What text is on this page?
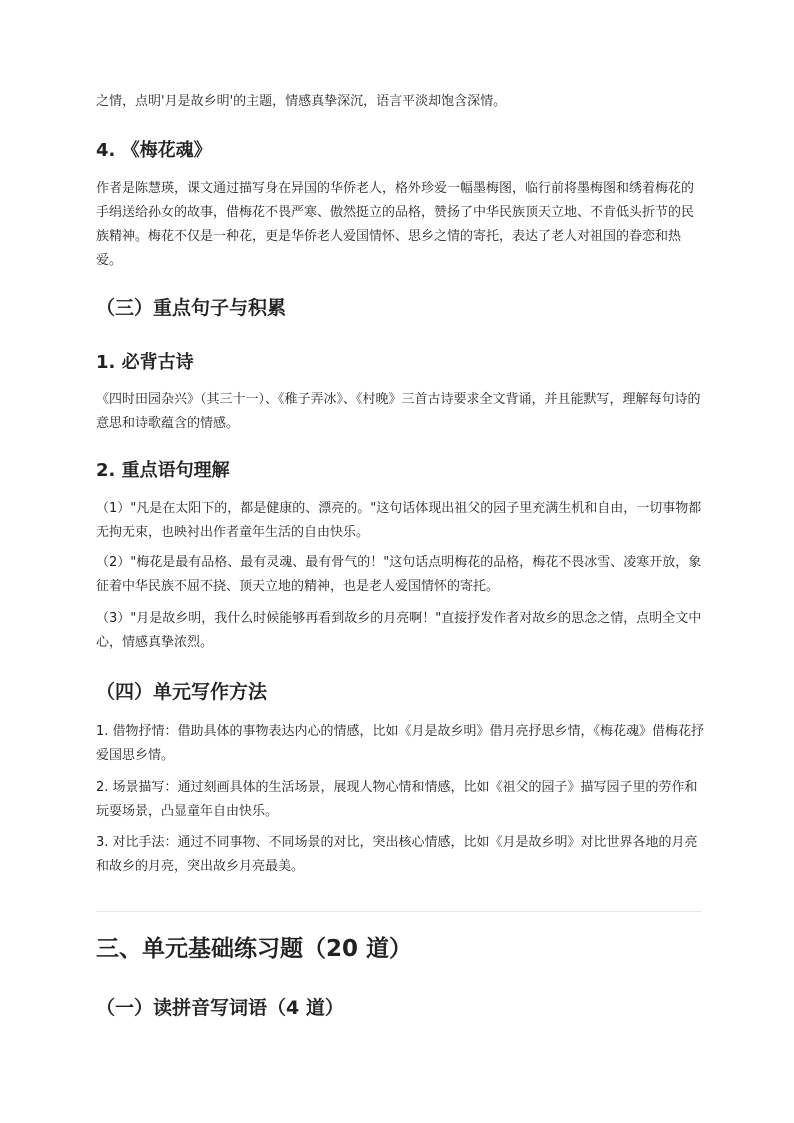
之情，点明'月是故乡明'的主题，情感真挚深沉，语言平淡却饱含深情。

4. 《梅花魂》

作者是陈慧瑛，课文通过描写身在异国的华侨老人，格外珍爱一幅墨梅图，临行前将墨梅图和绣着梅花的手绢送给孙女的故事，借梅花不畏严寒、傲然挺立的品格，赞扬了中华民族顶天立地、不肯低头折节的民族精神。梅花不仅是一种花，更是华侨老人爱国情怀、思乡之情的寄托，表达了老人对祖国的眷恋和热爱。

（三）重点句子与积累
1. 必背古诗

《四时田园杂兴》（其三十一）、《稚子弄冰》、《村晚》三首古诗要求全文背诵，并且能默写，理解每句诗的意思和诗歌蕴含的情感。

2. 重点语句理解

（1）"凡是在太阳下的，都是健康的、漂亮的。"这句话体现出祖父的园子里充满生机和自由，一切事物都无拘无束，也映衬出作者童年生活的自由快乐。

（2）"梅花是最有品格、最有灵魂、最有骨气的！"这句话点明梅花的品格，梅花不畏冰雪、凌寒开放，象征着中华民族不屈不挠、顶天立地的精神，也是老人爱国情怀的寄托。

（3）"月是故乡明，我什么时候能够再看到故乡的月亮啊！"直接抒发作者对故乡的思念之情，点明全文中心，情感真挚浓烈。

（四）单元写作方法

1. 借物抒情：借助具体的事物表达内心的情感，比如《月是故乡明》借月亮抒思乡情，《梅花魂》借梅花抒爱国思乡情。

2. 场景描写：通过刻画具体的生活场景，展现人物心情和情感，比如《祖父的园子》描写园子里的劳作和玩耍场景，凸显童年自由快乐。

3. 对比手法：通过不同事物、不同场景的对比，突出核心情感，比如《月是故乡明》对比世界各地的月亮和故乡的月亮，突出故乡月亮最美。

三、单元基础练习题（20 道）
（一）读拼音写词语（4 道）
